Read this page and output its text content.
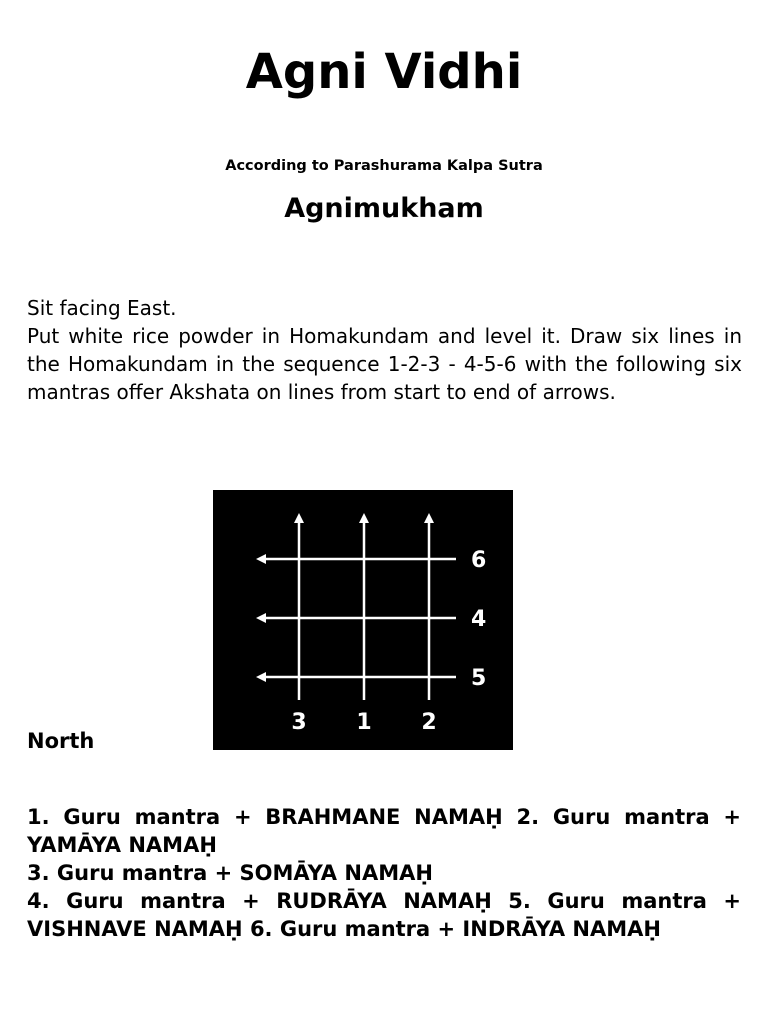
Agni Vidhi
According to Parashurama Kalpa Sutra
Agnimukham

Sit facing East.

Put white rice powder in Homakundam and level it. Draw six lines in the Homakundam in the sequence 1-2-3 - 4-5-6 with the following six mantras offer Akshata on lines from start to end of arrows.

6
4
5
3 1 2
North

1. Guru mantra + BRAHMANE NAMAḤ 2. Guru mantra + YAMĀYA NAMAḤ

3. Guru mantra + SOMĀYA NAMAḤ

4. Guru mantra + RUDRĀYA NAMAḤ 5. Guru mantra + VISHNAVE NAMAḤ 6. Guru mantra + INDRĀYA NAMAḤ
